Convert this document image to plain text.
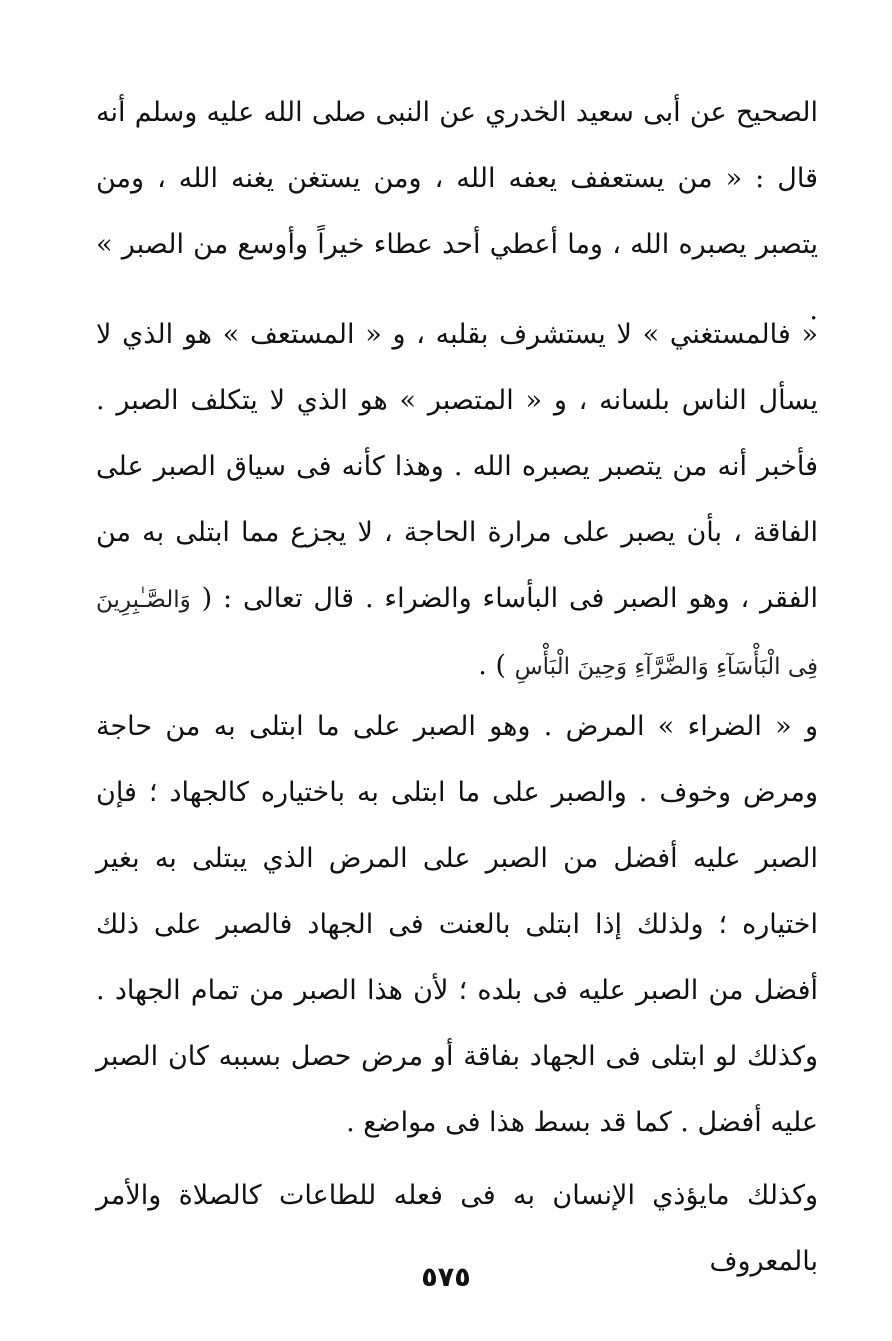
الصحيح عن أبى سعيد الخدري عن النبى صلى الله عليه وسلم أنه قال : « من يستعفف يعفه الله ، ومن يستغن يغنه الله ، ومن يتصبر يصبره الله ، وما أعطي أحد عطاء خيراً وأوسع من الصبر » .

« فالمستغني » لا يستشرف بقلبه ، و « المستعف » هو الذي لا يسأل الناس بلسانه ، و « المتصبر » هو الذي لا يتكلف الصبر . فأخبر أنه من يتصبر يصبره الله . وهذا كأنه فى سياق الصبر على الفاقة ، بأن يصبر على مرارة الحاجة ، لا يجزع مما ابتلى به من الفقر ، وهو الصبر فى البأساء والضراء . قال تعالى : ( وَالصَّـٰبِرِينَ فِى الْبَأْسَآءِ وَالضَّرَّآءِ وَحِينَ الْبَأْسِ ) .

و « الضراء » المرض . وهو الصبر على ما ابتلى به من حاجة ومرض وخوف . والصبر على ما ابتلى به باختياره كالجهاد ؛ فإن الصبر عليه أفضل من الصبر على المرض الذي يبتلى به بغير اختياره ؛ ولذلك إذا ابتلى بالعنت فى الجهاد فالصبر على ذلك أفضل من الصبر عليه فى بلده ؛ لأن هذا الصبر من تمام الجهاد . وكذلك لو ابتلى فى الجهاد بفاقة أو مرض حصل بسببه كان الصبر عليه أفضل . كما قد بسط هذا فى مواضع .

وكذلك مايؤذي الإنسان به فى فعله للطاعات كالصلاة والأمر بالمعروف

٥٧٥
